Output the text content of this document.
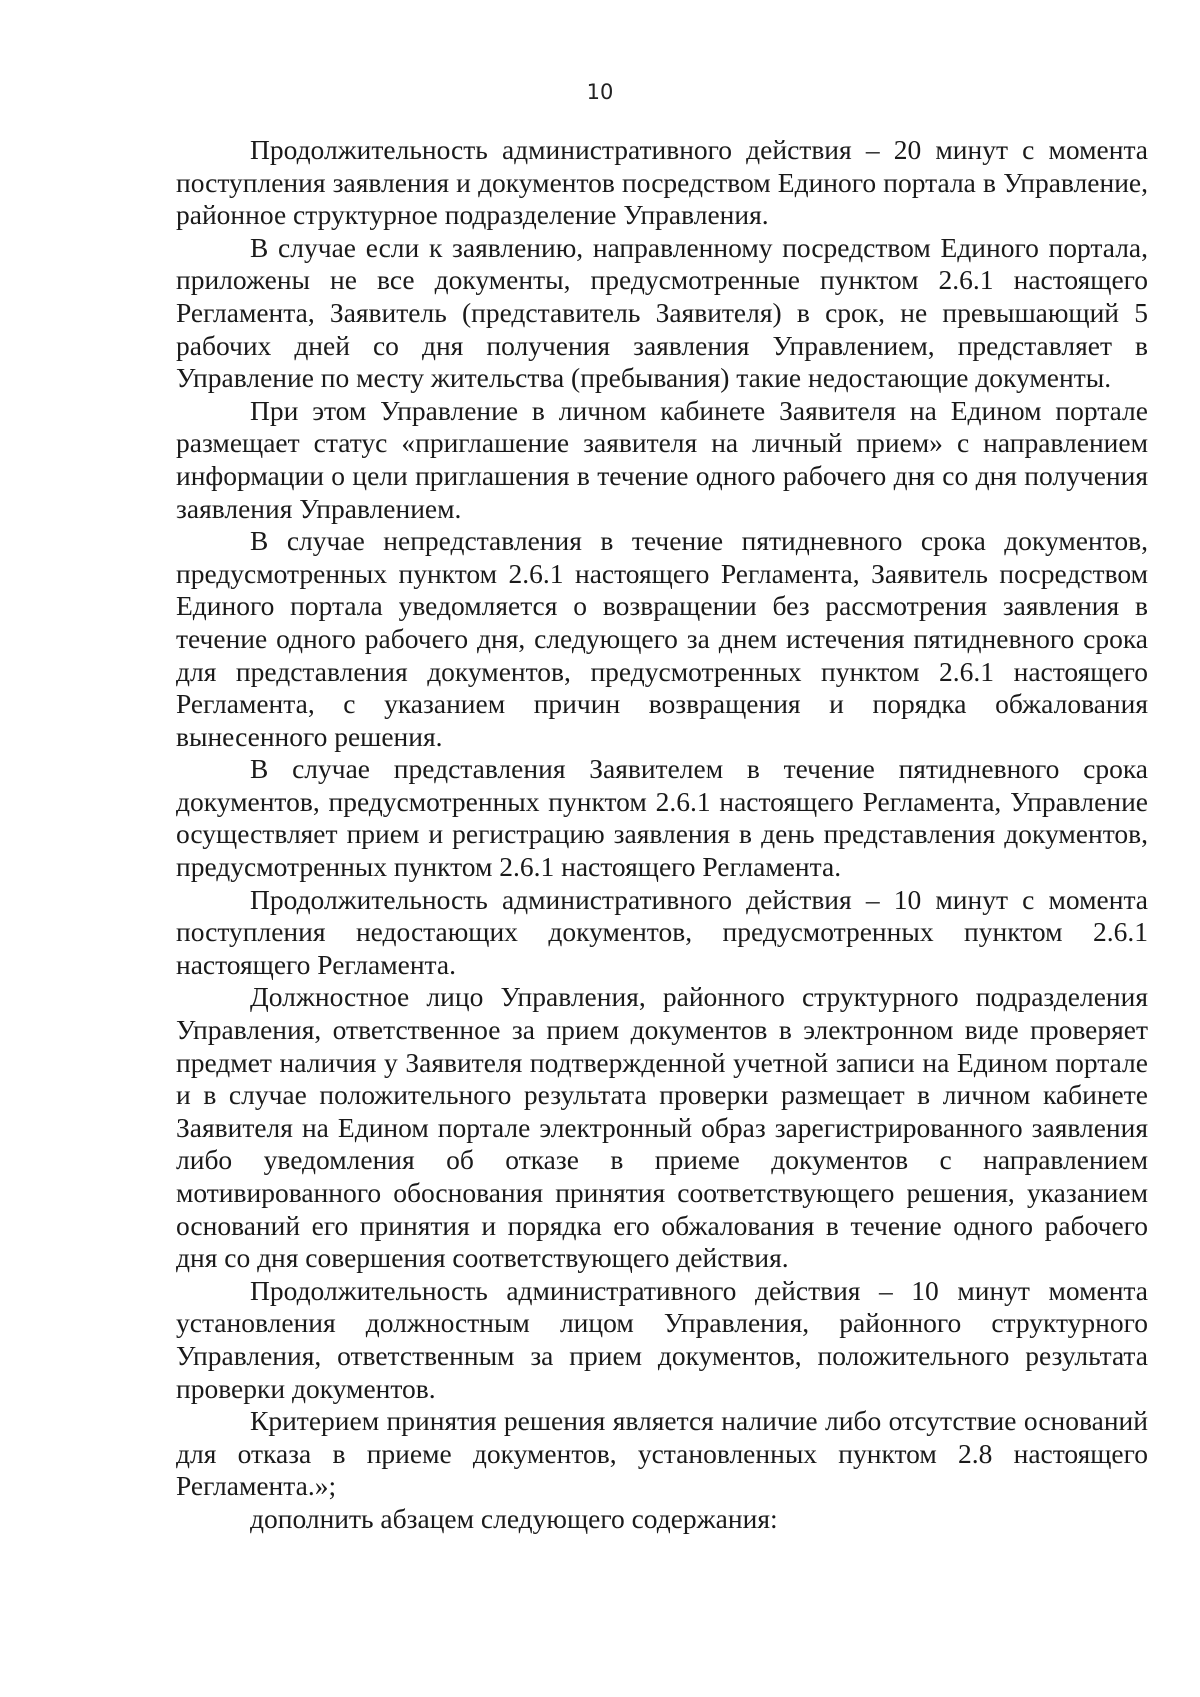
10

Продолжительность административного действия – 20 минут с момента поступления заявления и документов посредством Единого портала в Управление, районное структурное подразделение Управления.

В случае если к заявлению, направленному посредством Единого портала, приложены не все документы, предусмотренные пунктом 2.6.1 настоящего Регламента, Заявитель (представитель Заявителя) в срок, не превышающий 5 рабочих дней со дня получения заявления Управлением, представляет в Управление по месту жительства (пребывания) такие недостающие документы.

При этом Управление в личном кабинете Заявителя на Едином портале размещает статус «приглашение заявителя на личный прием» с направлением информации о цели приглашения в течение одного рабочего дня со дня получения заявления Управлением.

В случае непредставления в течение пятидневного срока документов, предусмотренных пунктом 2.6.1 настоящего Регламента, Заявитель посредством Единого портала уведомляется о возвращении без рассмотрения заявления в течение одного рабочего дня, следующего за днем истечения пятидневного срока для представления документов, предусмотренных пунктом 2.6.1 настоящего Регламента, с указанием причин возвращения и порядка обжалования вынесенного решения.

В случае представления Заявителем в течение пятидневного срока документов, предусмотренных пунктом 2.6.1 настоящего Регламента, Управление осуществляет прием и регистрацию заявления в день представления документов, предусмотренных пунктом 2.6.1 настоящего Регламента.

Продолжительность административного действия – 10 минут с момента поступления недостающих документов, предусмотренных пунктом 2.6.1 настоящего Регламента.

Должностное лицо Управления, районного структурного подразделения Управления, ответственное за прием документов в электронном виде проверяет предмет наличия у Заявителя подтвержденной учетной записи на Едином портале и в случае положительного результата проверки размещает в личном кабинете Заявителя на Едином портале электронный образ зарегистрированного заявления либо уведомления об отказе в приеме документов с направлением мотивированного обоснования принятия соответствующего решения, указанием оснований его принятия и порядка его обжалования в течение одного рабочего дня со дня совершения соответствующего действия.

Продолжительность административного действия – 10 минут момента установления должностным лицом Управления, районного структурного Управления, ответственным за прием документов, положительного результата проверки документов.

Критерием принятия решения является наличие либо отсутствие оснований для отказа в приеме документов, установленных пунктом 2.8 настоящего Регламента.»;

дополнить абзацем следующего содержания:
